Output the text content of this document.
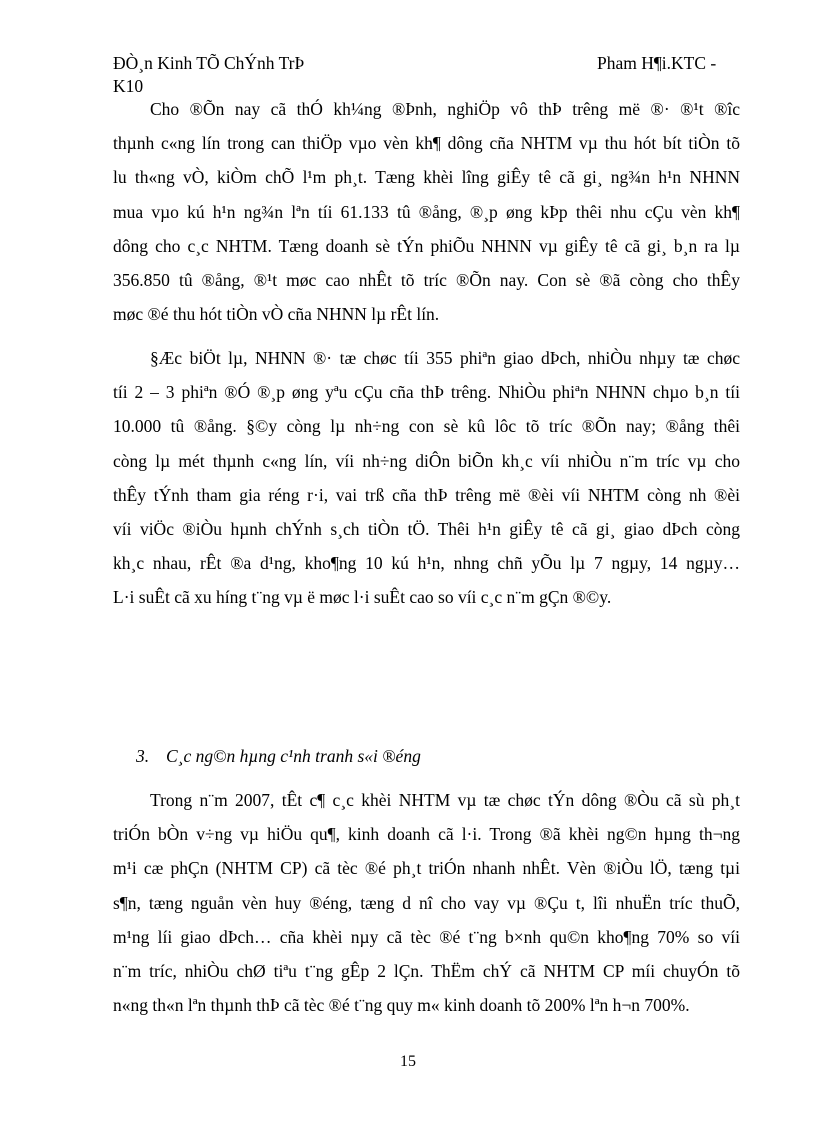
ĐÒ¸n Kinh TÕ ChÝnh TrÞ
K10
Pham H¶i.KTC -
Cho ®Õn nay cã thÓ kh¼ng ®Þnh, nghiÖp vô thÞ trêng më ®· ®¹t ®îc
thµnh c«ng lín trong can thiÖp vµo vèn kh¶ dông cña NHTM vµ thu hót bít tiÒn tõ
lu th«ng vÒ, kiÒm chÕ l¹m ph¸t. Tæng khèi lîng giÊy tê cã gi¸ ng¾n h¹n NHNN
mua vµo kú h¹n ng¾n lªn tíi 61.133 tû ®ång, ®¸p øng kÞp thêi nhu cÇu vèn kh¶
dông cho c¸c NHTM. Tæng doanh sè tÝn phiÕu NHNN vµ giÊy tê cã gi¸ b¸n ra lµ
356.850 tû ®ång, ®¹t møc cao nhÊt tõ tríc ®Õn nay. Con sè ®ã còng cho thÊy
møc ®é thu hót tiÒn vÒ cña NHNN lµ rÊt lín.
§Æc biÖt lµ, NHNN ®· tæ chøc tíi 355 phiªn giao dÞch, nhiÒu nhµy tæ chøc
tíi 2 – 3 phiªn ®Ó ®¸p øng yªu cÇu cña thÞ trêng. NhiÒu phiªn NHNN chµo b¸n tíi
10.000 tû ®ång. §©y còng lµ nh÷ng con sè kû lôc tõ tríc ®Õn nay; ®ång thêi
còng lµ mét thµnh c«ng lín, víi nh÷ng diÔn biÕn kh¸c víi nhiÒu n¨m tríc vµ cho
thÊy tÝnh tham gia réng r·i, vai trß cña thÞ trêng më ®èi víi NHTM còng nh ®èi
víi viÖc ®iÒu hµnh chÝnh s¸ch tiÒn tÖ. Thêi h¹n giÊy tê cã gi¸ giao dÞch còng
kh¸c nhau, rÊt ®a d¹ng, kho¶ng 10 kú h¹n, nhng chñ yÕu lµ 7 ngµy, 14 ngµy…
L·i suÊt cã xu híng t¨ng vµ ë møc l·i suÊt cao so víi c¸c n¨m gÇn ®©y.
3. C¸c ng©n hµng c¹nh tranh s«i ®éng
Trong n¨m 2007, tÊt c¶ c¸c khèi NHTM vµ tæ chøc tÝn dông ®Òu cã sù ph¸t
triÓn bÒn v÷ng vµ hiÖu qu¶, kinh doanh cã l·i. Trong ®ã khèi ng©n hµng th¬ng
m¹i cæ phÇn (NHTM CP) cã tèc ®é ph¸t triÓn nhanh nhÊt. Vèn ®iÒu lÖ, tæng tµi
s¶n, tæng nguån vèn huy ®éng, tæng d nî cho vay vµ ®Çu t, lîi nhuËn tríc thuÕ,
m¹ng líi giao dÞch… cña khèi nµy cã tèc ®é t¨ng b×nh qu©n kho¶ng 70% so víi
n¨m tríc, nhiÒu chØ tiªu t¨ng gÊp 2 lÇn. ThËm chÝ cã NHTM CP míi chuyÓn tõ
n«ng th«n lªn thµnh thÞ cã tèc ®é t¨ng quy m« kinh doanh tõ 200% lªn h¬n 700%.
15
